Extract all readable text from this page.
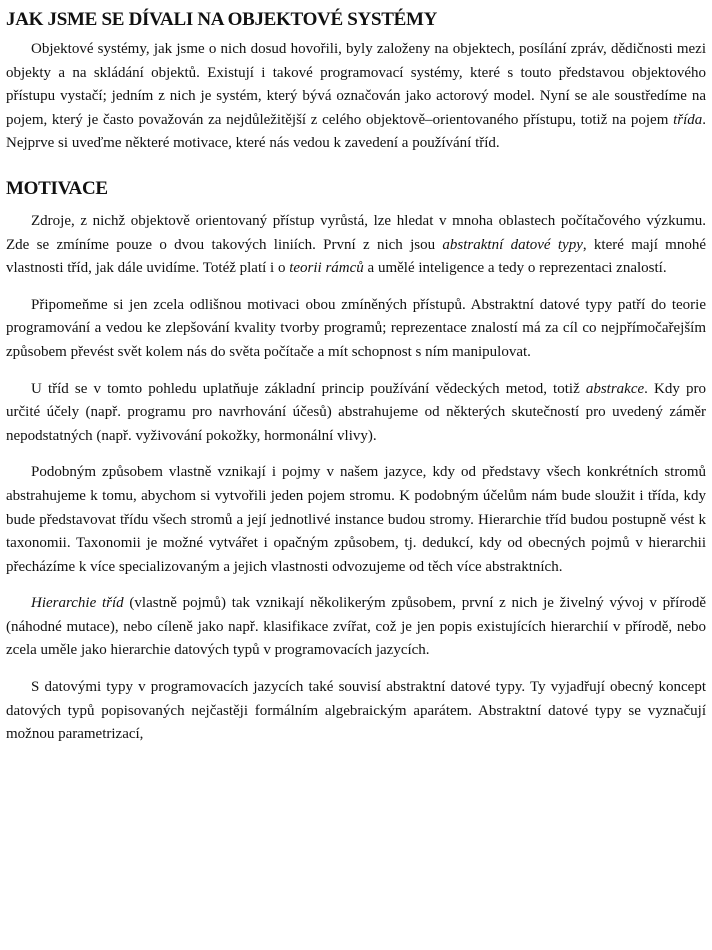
JAK JSME SE DÍVALI NA OBJEKTOVÉ SYSTÉMY

Objektové systémy, jak jsme o nich dosud hovořili, byly založeny na objektech, posílání zpráv, dědičnosti mezi objekty a na skládání objektů. Existují i takové programovací systémy, které s touto představou objektového přístupu vystačí; jedním z nich je systém, který bývá označován jako actorový model. Nyní se ale soustředíme na pojem, který je často považován za nejdůležitější z celého objektově–orientovaného přístupu, totiž na pojem třída. Nejprve si uveďme některé motivace, které nás vedou k zavedení a používání tříd.

MOTIVACE

Zdroje, z nichž objektově orientovaný přístup vyrůstá, lze hledat v mnoha oblastech počítačového výzkumu. Zde se zmíníme pouze o dvou takových liniích. První z nich jsou abstraktní datové typy, které mají mnohé vlastnosti tříd, jak dále uvidíme. Totéž platí i o teorii rámců a umělé inteligence a tedy o reprezentaci znalostí.

Připomeňme si jen zcela odlišnou motivaci obou zmíněných přístupů. Abstraktní datové typy patří do teorie programování a vedou ke zlepšování kvality tvorby programů; reprezentace znalostí má za cíl co nejpřímočařejším způsobem převést svět kolem nás do světa počítače a mít schopnost s ním manipulovat.

U tříd se v tomto pohledu uplatňuje základní princip používání vědeckých metod, totiž abstrakce. Kdy pro určité účely (např. programu pro navrhování účesů) abstrahujeme od některých skutečností pro uvedený záměr nepodstatných (např. vyživování pokožky, hormonální vlivy).

Podobným způsobem vlastně vznikají i pojmy v našem jazyce, kdy od představy všech konkrétních stromů abstrahujeme k tomu, abychom si vytvořili jeden pojem stromu. K podobným účelům nám bude sloužit i třída, kdy bude představovat třídu všech stromů a její jednotlivé instance budou stromy. Hierarchie tříd budou postupně vést k taxonomii. Taxonomii je možné vytvářet i opačným způsobem, tj. dedukcí, kdy od obecných pojmů v hierarchii přecházíme k více specializovaným a jejich vlastnosti odvozujeme od těch více abstraktních.

Hierarchie tříd (vlastně pojmů) tak vznikají několikerým způsobem, první z nich je živelný vývoj v přírodě (náhodné mutace), nebo cíleně jako např. klasifikace zvířat, což je jen popis existujících hierarchií v přírodě, nebo zcela uměle jako hierarchie datových typů v programovacích jazycích.

S datovými typy v programovacích jazycích také souvisí abstraktní datové typy. Ty vyjadřují obecný koncept datových typů popisovaných nejčastěji formálním algebraickým aparátem. Abstraktní datové typy se vyznačují možnou parametrizací,
